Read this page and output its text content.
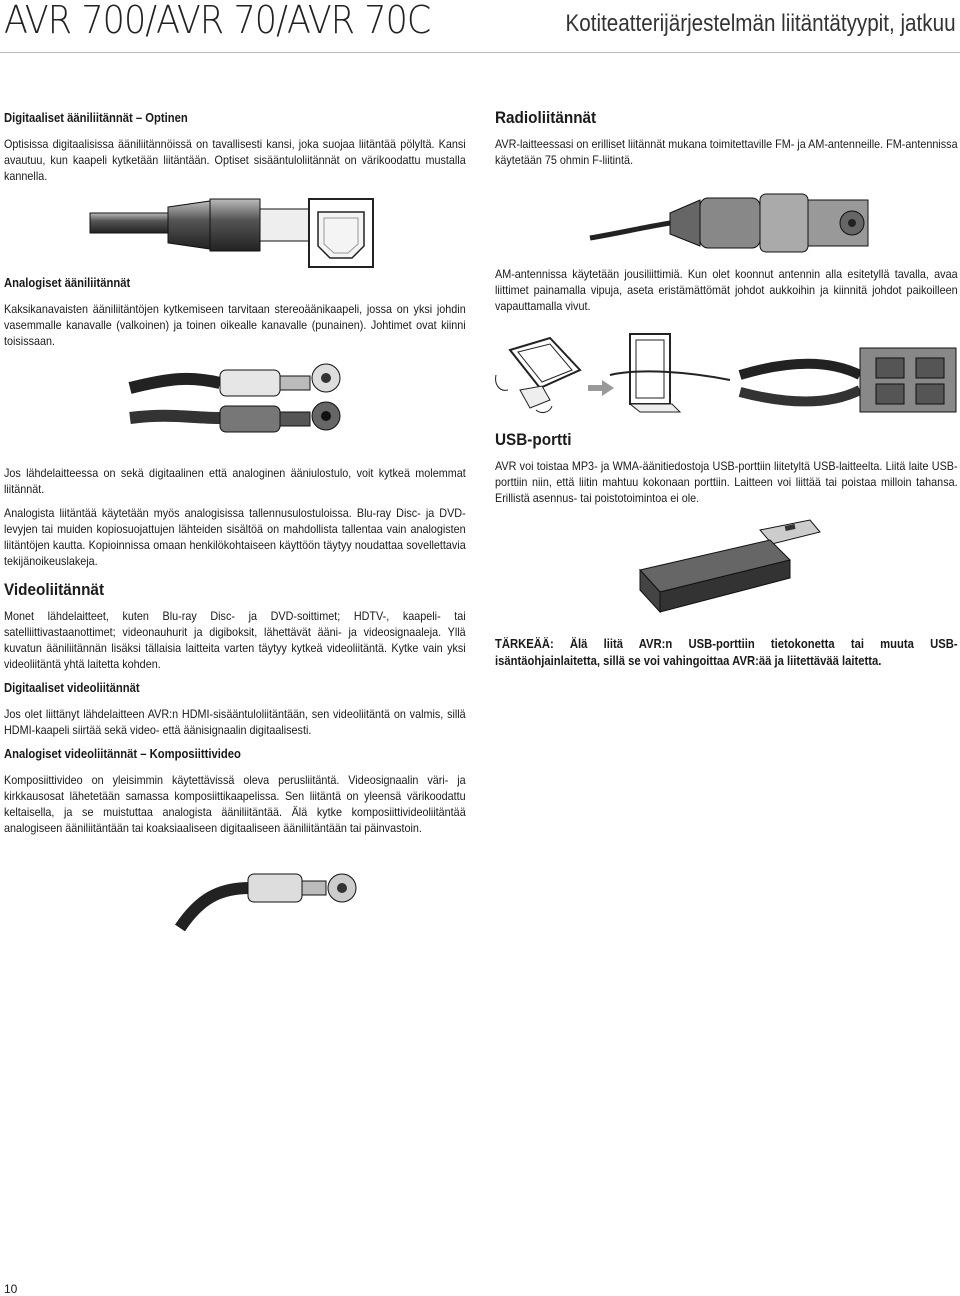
AVR 700/AVR 70/AVR 70C	Kotiteatterijärjestelmän liitäntätyypit, jatkuu
Digitaaliset ääniliitännät – Optinen

Optisissa digitaalisissa ääniliitännöissä on tavallisesti kansi, joka suojaa liitäntää pölyltä. Kansi avautuu, kun kaapeli kytketään liitäntään. Optiset sisääntuloliitännät on värikoodattu mustalla kannella.

Analogiset ääniliitännät

Kaksikanavaisten ääniliitäntöjen kytkemiseen tarvitaan stereoäänikaapeli, jossa on yksi johdin vasemmalle kanavalle (valkoinen) ja toinen oikealle kanavalle (punainen). Johtimet ovat kiinni toisissaan.

Jos lähdelaitteessa on sekä digitaalinen että analoginen ääniulostulo, voit kytkeä molemmat liitännät.

Analogista liitäntää käytetään myös analogisissa tallennusulostuloissa. Blu-ray Disc- ja DVD-levyjen tai muiden kopiosuojattujen lähteiden sisältöä on mahdollista tallentaa vain analogisten liitäntöjen kautta. Kopioinnissa omaan henkilökohtaiseen käyttöön täytyy noudattaa sovellettavia tekijänoikeuslakeja.

Videoliitännät

Monet lähdelaitteet, kuten Blu-ray Disc- ja DVD-soittimet; HDTV-, kaapeli- tai satelliittivastaanottimet; videonauhurit ja digiboksit, lähettävät ääni- ja videosignaaleja. Yllä kuvatun ääniliitännän lisäksi tällaisia laitteita varten täytyy kytkeä videoliitäntä. Kytke vain yksi videoliitäntä yhtä laitetta kohden.

Digitaaliset videoliitännät

Jos olet liittänyt lähdelaitteen AVR:n HDMI-sisääntuloliitäntään, sen videoliitäntä on valmis, sillä HDMI-kaapeli siirtää sekä video- että äänisignaalin digitaalisesti.

Analogiset videoliitännät – Komposiittivideo

Komposiittivideo on yleisimmin käytettävissä oleva perusliitäntä. Videosignaalin väri- ja kirkkausosat lähetetään samassa komposiittikaapelissa. Sen liitäntä on yleensä värikoodattu keltaisella, ja se muistuttaa analogista ääniliitäntää. Älä kytke komposiittivideoliitäntää analogiseen ääniliitäntään tai koaksiaaliseen digitaaliseen ääniliitäntään tai päinvastoin.

Radioliitännät

AVR-laitteessasi on erilliset liitännät mukana toimitettaville FM- ja AM-antenneille. FM-antennissa käytetään 75 ohmin F-liitintä.

AM-antennissa käytetään jousiliittimiä. Kun olet koonnut antennin alla esitetyllä tavalla, avaa liittimet painamalla vipuja, aseta eristämättömät johdot aukkoihin ja kiinnitä johdot paikoilleen vapauttamalla vivut.

USB-portti

AVR voi toistaa MP3- ja WMA-äänitiedostoja USB-porttiin liitetyltä USB-laitteelta. Liitä laite USB-porttiin niin, että liitin mahtuu kokonaan porttiin. Laitteen voi liittää tai poistaa milloin tahansa. Erillistä asennus- tai poistotoimintoa ei ole.

TÄRKEÄÄ: Älä liitä AVR:n USB-porttiin tietokonetta tai muuta USB-isäntäohjainlaitetta, sillä se voi vahingoittaa AVR:ää ja liitettävää laitetta.

10
